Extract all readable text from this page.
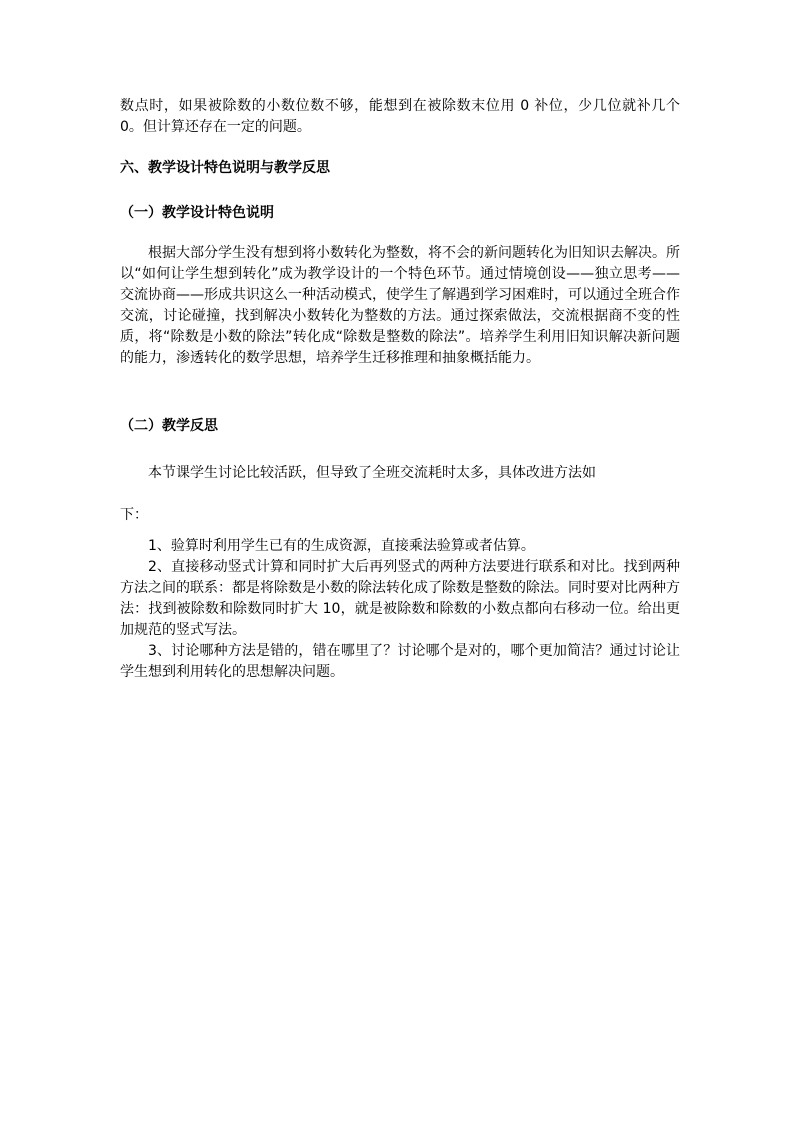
数点时，如果被除数的小数位数不够，能想到在被除数末位用 0 补位，少几位就补几个 0。但计算还存在一定的问题。

六、教学设计特色说明与教学反思
（一）教学设计特色说明

根据大部分学生没有想到将小数转化为整数，将不会的新问题转化为旧知识去解决。所以“如何让学生想到转化”成为教学设计的一个特色环节。通过情境创设——独立思考——交流协商——形成共识这么一种活动模式，使学生了解遇到学习困难时，可以通过全班合作交流，讨论碰撞，找到解决小数转化为整数的方法。通过探索做法，交流根据商不变的性质，将“除数是小数的除法”转化成“除数是整数的除法”。培养学生利用旧知识解决新问题的能力，渗透转化的数学思想，培养学生迁移推理和抽象概括能力。

（二）教学反思

本节课学生讨论比较活跃，但导致了全班交流耗时太多，具体改进方法如

下：

1、验算时利用学生已有的生成资源，直接乘法验算或者估算。
2、直接移动竖式计算和同时扩大后再列竖式的两种方法要进行联系和对比。找到两种方法之间的联系：都是将除数是小数的除法转化成了除数是整数的除法。同时要对比两种方法：找到被除数和除数同时扩大 10，就是被除数和除数的小数点都向右移动一位。给出更加规范的竖式写法。
3、讨论哪种方法是错的，错在哪里了？讨论哪个是对的，哪个更加简洁？通过讨论让学生想到利用转化的思想解决问题。
